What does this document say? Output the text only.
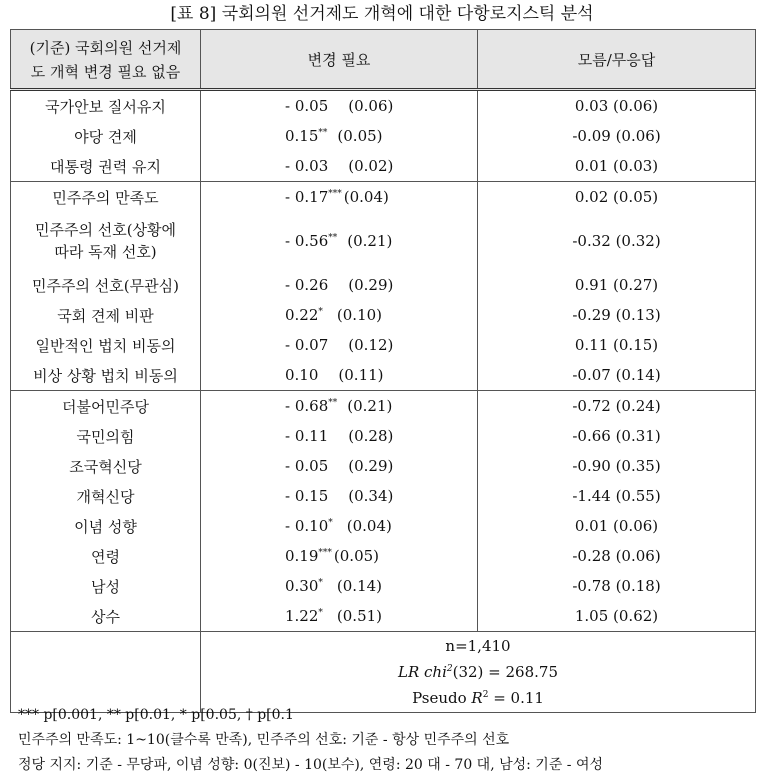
[표 8] 국회의원 선거제도 개혁에 대한 다항로지스틱 분석
(기준) 국회의원 선거제
도 개혁 변경 필요 없음	변경 필요	모름/무응답
국가안보 질서유지	- 0.05 (0.06)	0.03 (0.06)
야당 견제	0.15** (0.05)	-0.09 (0.06)
대통령 권력 유지	- 0.03 (0.02)	0.01 (0.03)
민주주의 만족도	- 0.17*** (0.04)	0.02 (0.05)

민주주의 선호(상황에
따라 독재 선호)	- 0.56** (0.21)	-0.32 (0.32)
민주주의 선호(무관심)	- 0.26 (0.29)	0.91 (0.27)
국회 견제 비판	0.22* (0.10)	-0.29 (0.13)
일반적인 법치 비동의	- 0.07 (0.12)	0.11 (0.15)
비상 상황 법치 비동의	0.10 (0.11)	-0.07 (0.14)
더불어민주당	- 0.68** (0.21)	-0.72 (0.24)
국민의힘	- 0.11 (0.28)	-0.66 (0.31)
조국혁신당	- 0.05 (0.29)	-0.90 (0.35)
개혁신당	- 0.15 (0.34)	-1.44 (0.55)
이념 성향	- 0.10* (0.04)	0.01 (0.06)
연령	0.19*** (0.05)	-0.28 (0.06)
남성	0.30* (0.14)	-0.78 (0.18)
상수	1.22* (0.51)	1.05 (0.62)

	n=1,410
LR chi$^2$(32) = 268.75
Pseudo $R^2 = 0.11$	
*** p[0.001, ** p[0.01, * p[0.05, † p[0.1
민주주의 만족도: 1~10(클수록 만족), 민주주의 선호: 기준 - 항상 민주주의 선호
정당 지지: 기준 - 무당파, 이념 성향: 0(진보) - 10(보수), 연령: 20 대 - 70 대, 남성: 기준 - 여성
